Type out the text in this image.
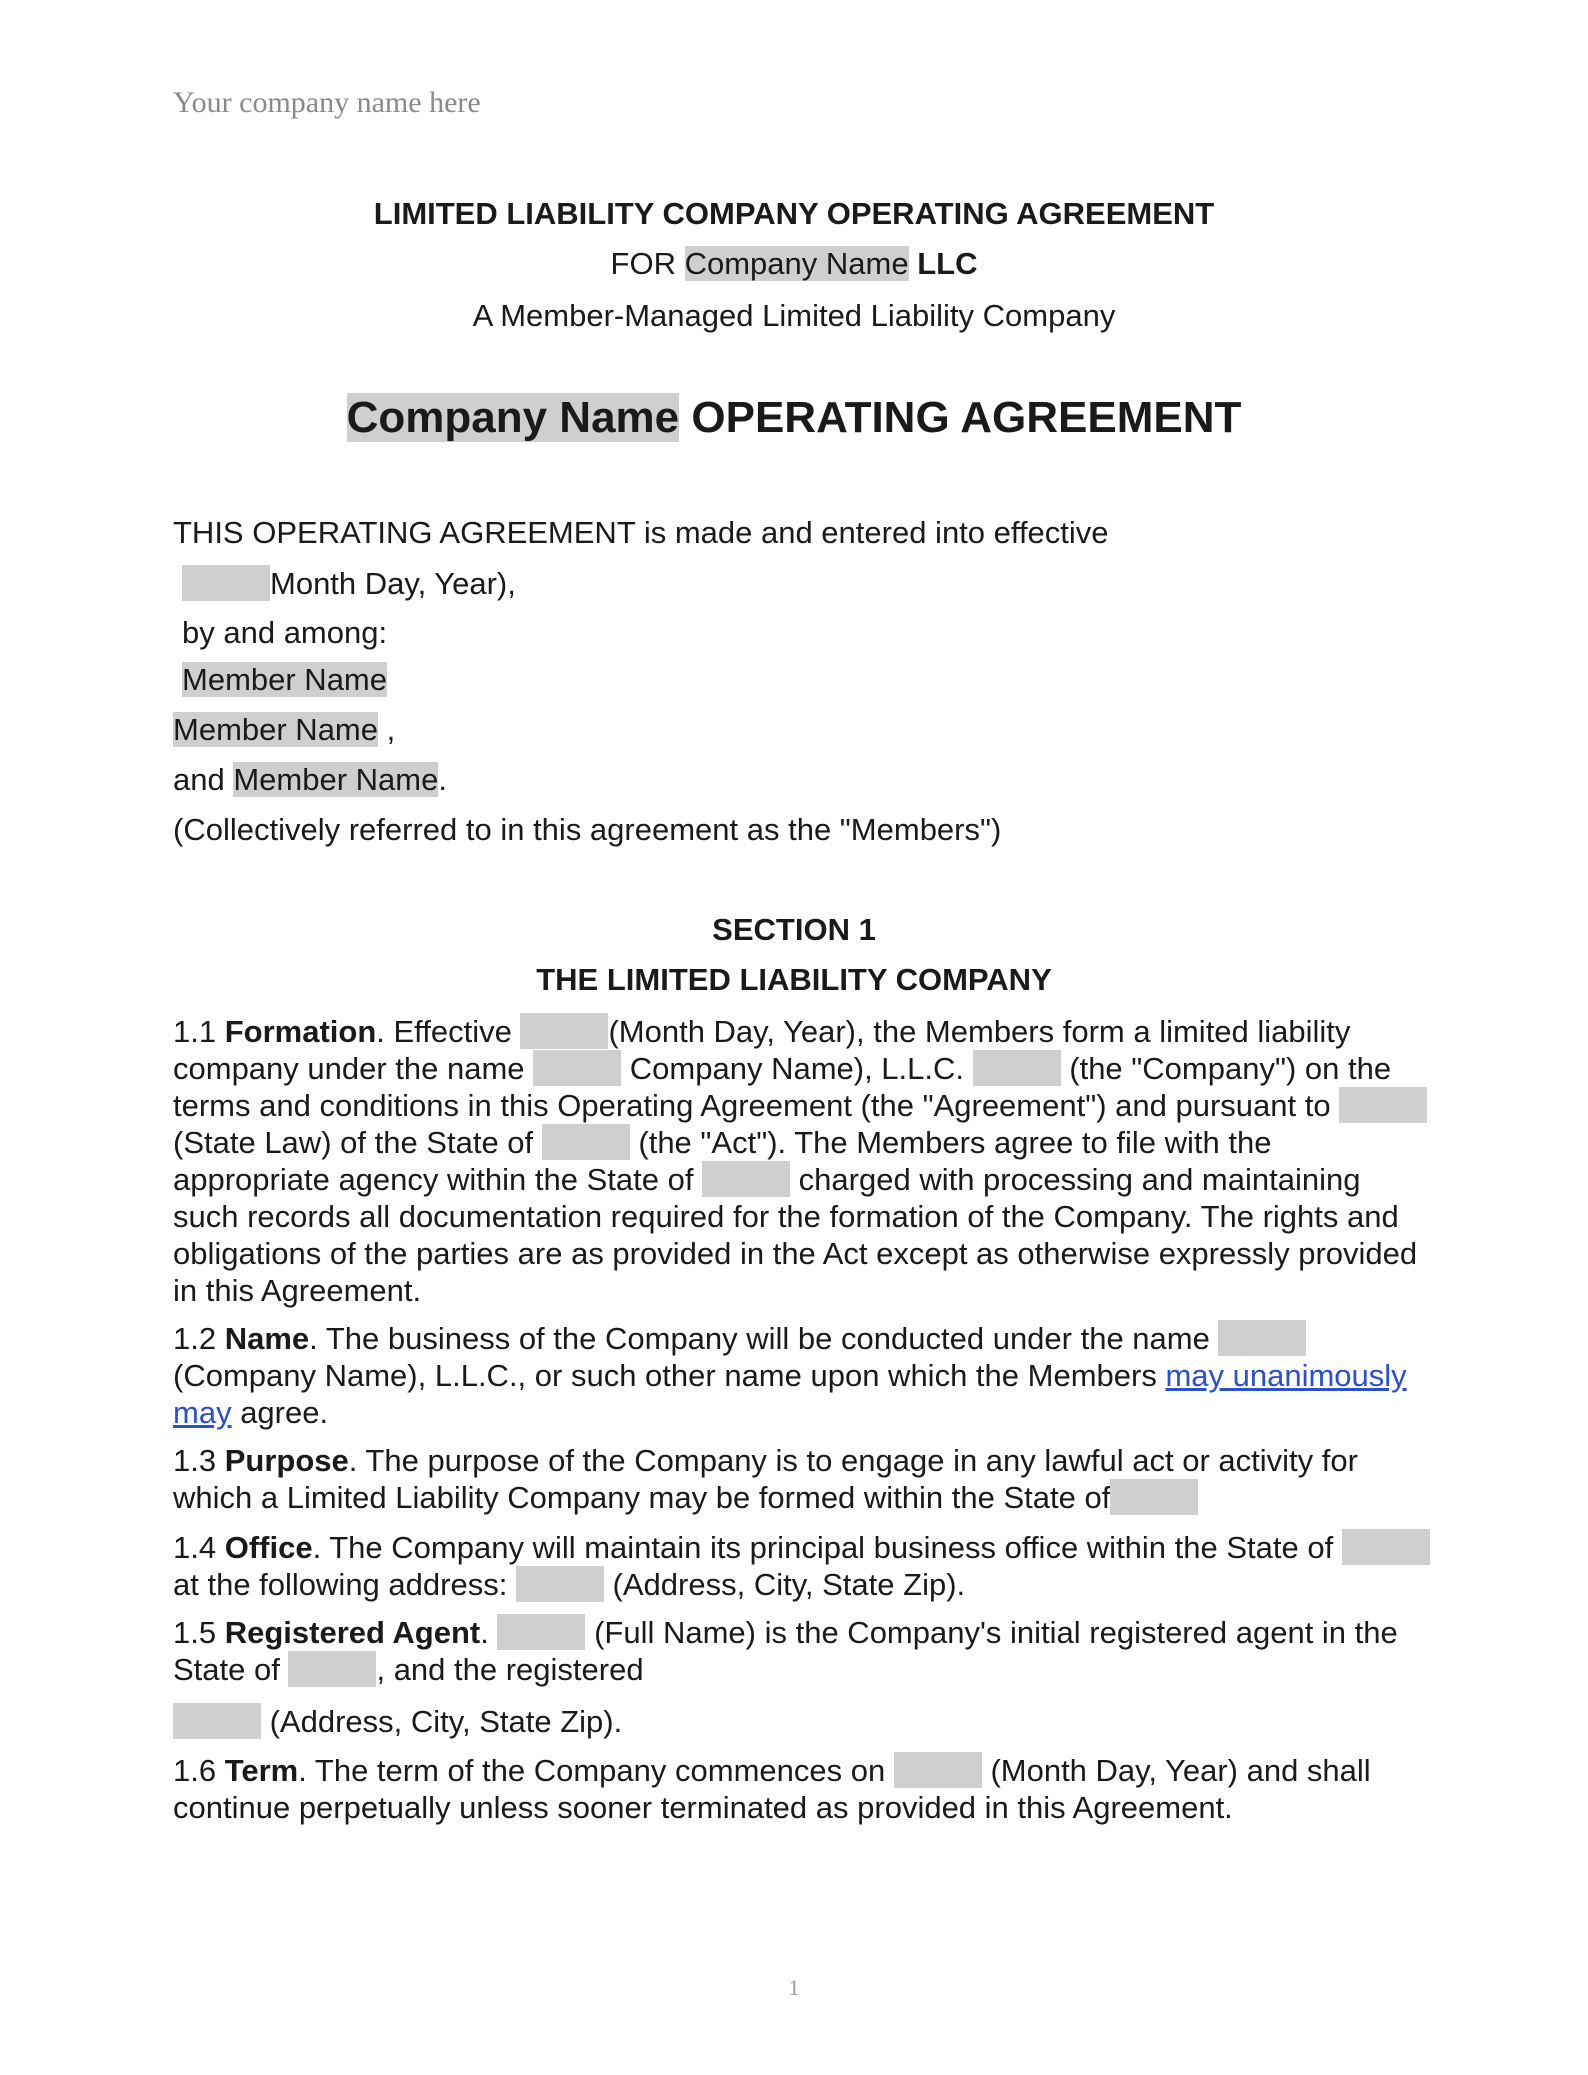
Your company name here
LIMITED LIABILITY COMPANY OPERATING AGREEMENT
FOR Company Name LLC
A Member-Managed Limited Liability Company
Company Name OPERATING AGREEMENT
THIS OPERATING AGREEMENT is made and entered into effective
Month Day, Year),
by and among:
Member Name
Member Name ,
and Member Name.
(Collectively referred to in this agreement as the "Members")
SECTION 1
THE LIMITED LIABILITY COMPANY
1.1 Formation. Effective	(Month Day, Year), the Members form a limited liability company under the name	Company Name), L.L.C.	(the "Company") on the terms and conditions in this Operating Agreement (the "Agreement") and pursuant to  (State Law) of the State of	(the "Act"). The Members agree to file with the appropriate agency within the State of	charged with processing and maintaining such records all documentation required for the formation of the Company. The rights and obligations of the parties are as provided in the Act except as otherwise expressly provided in this Agreement.
1.2 Name. The business of the Company will be conducted under the name  (Company Name), L.L.C., or such other name upon which the Members may unanimously may agree.
1.3 Purpose. The purpose of the Company is to engage in any lawful act or activity for which a Limited Liability Company may be formed within the State of
1.4 Office. The Company will maintain its principal business office within the State of  at the following address:	(Address, City, State Zip).
1.5 Registered Agent.	(Full Name) is the Company's initial registered agent in the State of	, and the registered
(Address, City, State Zip).
1.6 Term. The term of the Company commences on	(Month Day, Year) and shall continue perpetually unless sooner terminated as provided in this Agreement.
1
